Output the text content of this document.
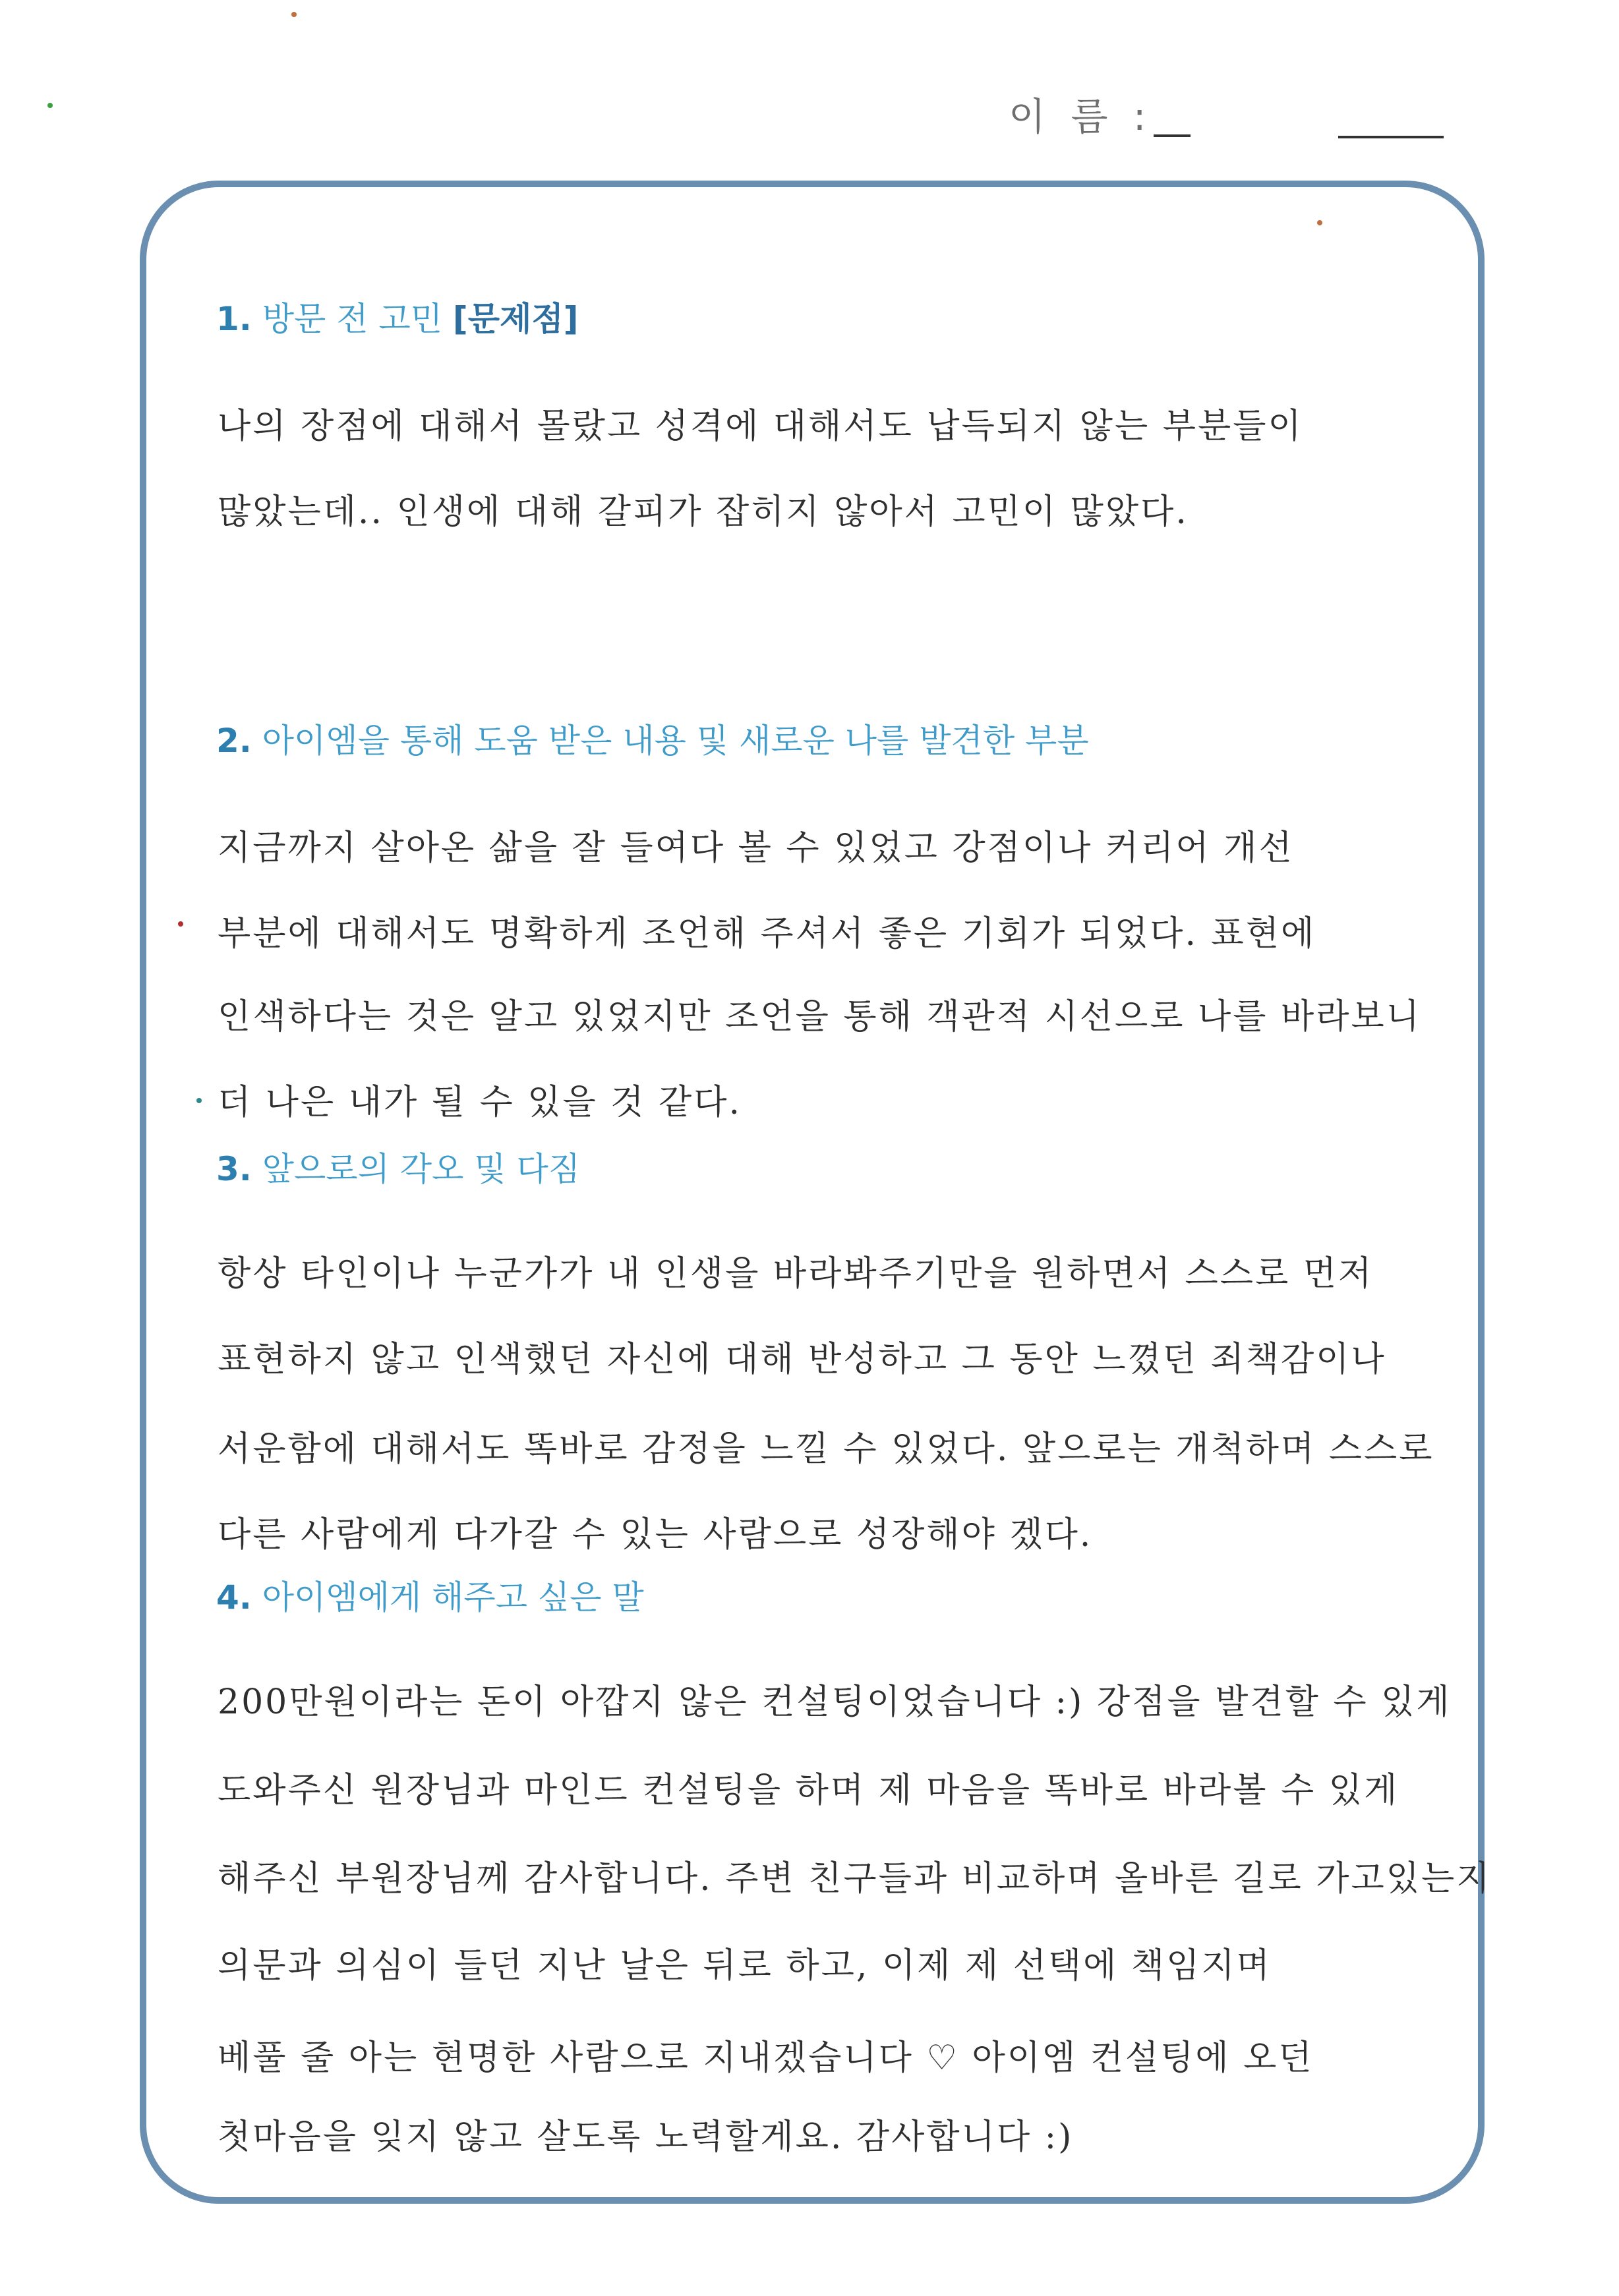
이 름 :
1. 방문 전 고민 [문제점]
나의 장점에 대해서 몰랐고 성격에 대해서도 납득되지 않는 부분들이
많았는데.. 인생에 대해 갈피가 잡히지 않아서 고민이 많았다.
2. 아이엠을 통해 도움 받은 내용 및 새로운 나를 발견한 부분
지금까지 살아온 삶을 잘 들여다 볼 수 있었고 강점이나 커리어 개선
부분에 대해서도 명확하게 조언해 주셔서 좋은 기회가 되었다. 표현에
인색하다는 것은 알고 있었지만 조언을 통해 객관적 시선으로 나를 바라보니
더 나은 내가 될 수 있을 것 같다.
3. 앞으로의 각오 및 다짐
항상 타인이나 누군가가 내 인생을 바라봐주기만을 원하면서 스스로 먼저
표현하지 않고 인색했던 자신에 대해 반성하고 그 동안 느꼈던 죄책감이나
서운함에 대해서도 똑바로 감정을 느낄 수 있었다. 앞으로는 개척하며 스스로
다른 사람에게 다가갈 수 있는 사람으로 성장해야 겠다.
4. 아이엠에게 해주고 싶은 말
200만원이라는 돈이 아깝지 않은 컨설팅이었습니다 :) 강점을 발견할 수 있게
도와주신 원장님과 마인드 컨설팅을 하며 제 마음을 똑바로 바라볼 수 있게
해주신 부원장님께 감사합니다. 주변 친구들과 비교하며 올바른 길로 가고있는지
의문과 의심이 들던 지난 날은 뒤로 하고, 이제 제 선택에 책임지며
베풀 줄 아는 현명한 사람으로 지내겠습니다 ♡ 아이엠 컨설팅에 오던
첫마음을 잊지 않고 살도록 노력할게요. 감사합니다 :)
